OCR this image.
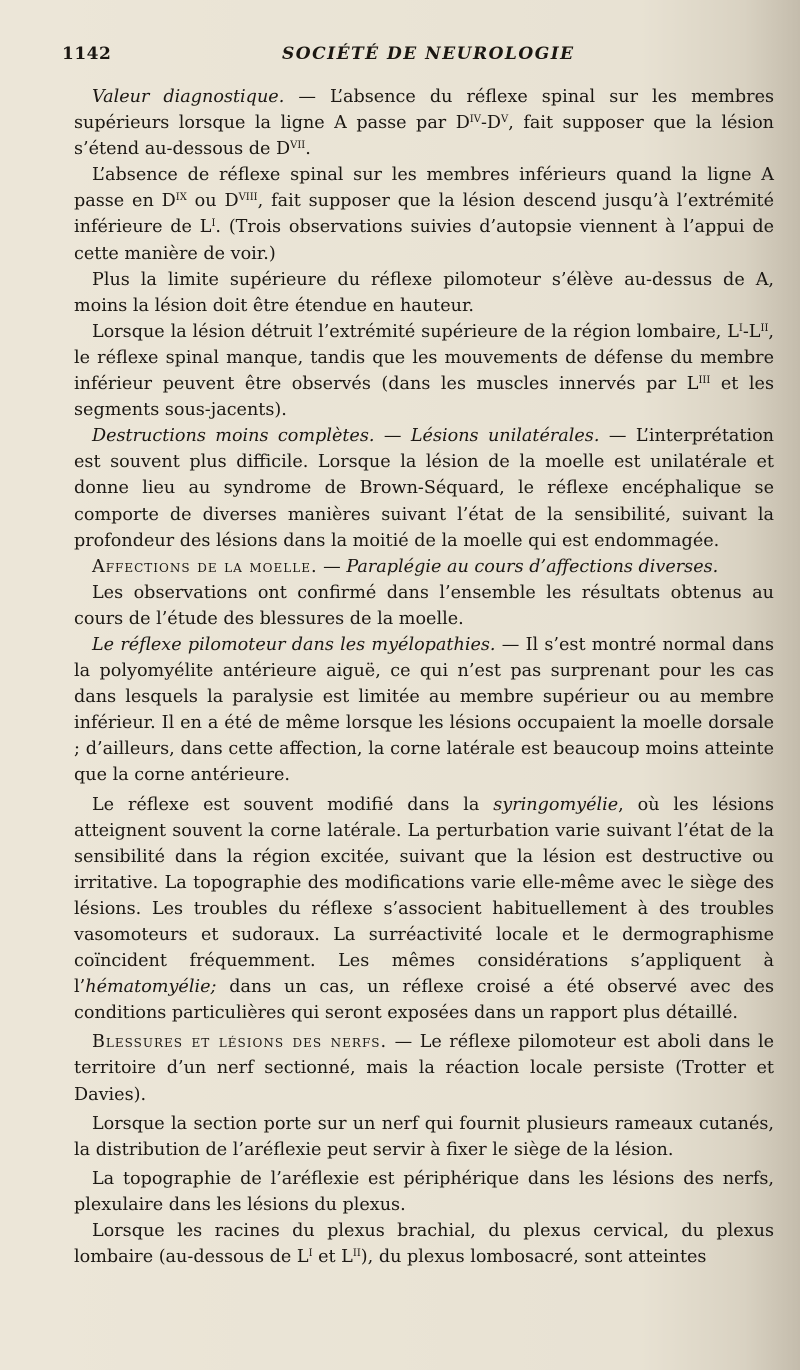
1142	SOCIÉTÉ DE NEUROLOGIE

Valeur diagnostique. — L’absence du réflexe spinal sur les membres supérieurs lorsque la ligne A passe par $D^{IV}-D^V$, fait supposer que la lésion s’étend au-dessous de $D^{VII}$.

L’absence de réflexe spinal sur les membres inférieurs quand la ligne A passe en $D^{IX}$ ou $D^{VIII}$, fait supposer que la lésion descend jusqu’à l’extrémité inférieure de $L^I$. (Trois observations suivies d’autopsie viennent à l’appui de cette manière de voir.)

Plus la limite supérieure du réflexe pilomoteur s’élève au-dessus de A, moins la lésion doit être étendue en hauteur.

Lorsque la lésion détruit l’extrémité supérieure de la région lombaire, $L^I-L^{II}$, le réflexe spinal manque, tandis que les mouvements de défense du membre inférieur peuvent être observés (dans les muscles innervés par $L^{III}$ et les segments sous-jacents).

Destructions moins complètes. — Lésions unilatérales. — L’interprétation est souvent plus difficile. Lorsque la lésion de la moelle est unilatérale et donne lieu au syndrome de Brown-Séquard, le réflexe encéphalique se comporte de diverses manières suivant l’état de la sensibilité, suivant la profondeur des lésions dans la moitié de la moelle qui est endommagée.

Affections de la moelle. — Paraplégie au cours d’affections diverses.

Les observations ont confirmé dans l’ensemble les résultats obtenus au cours de l’étude des blessures de la moelle.

Le réflexe pilomoteur dans les myélopathies. — Il s’est montré normal dans la polyomyélite antérieure aiguë, ce qui n’est pas surprenant pour les cas dans lesquels la paralysie est limitée au membre supérieur ou au membre inférieur. Il en a été de même lorsque les lésions occupaient la moelle dorsale ; d’ailleurs, dans cette affection, la corne latérale est beaucoup moins atteinte que la corne antérieure.

Le réflexe est souvent modifié dans la syringomyélie, où les lésions atteignent souvent la corne latérale. La perturbation varie suivant l’état de la sensibilité dans la région excitée, suivant que la lésion est destructive ou irritative. La topographie des modifications varie elle-même avec le siège des lésions. Les troubles du réflexe s’associent habituellement à des troubles vasomoteurs et sudoraux. La surréactivité locale et le dermographisme coïncident fréquemment. Les mêmes considérations s’appliquent à l’hématomyélie; dans un cas, un réflexe croisé a été observé avec des conditions particulières qui seront exposées dans un rapport plus détaillé.

Blessures et lésions des nerfs. — Le réflexe pilomoteur est aboli dans le territoire d’un nerf sectionné, mais la réaction locale persiste (Trotter et Davies).

Lorsque la section porte sur un nerf qui fournit plusieurs rameaux cutanés, la distribution de l’aréflexie peut servir à fixer le siège de la lésion.

La topographie de l’aréflexie est périphérique dans les lésions des nerfs, plexulaire dans les lésions du plexus.

Lorsque les racines du plexus brachial, du plexus cervical, du plexus lombaire (au-dessous de $L^I$ et $L^{II}$), du plexus lombosacré, sont atteintes
